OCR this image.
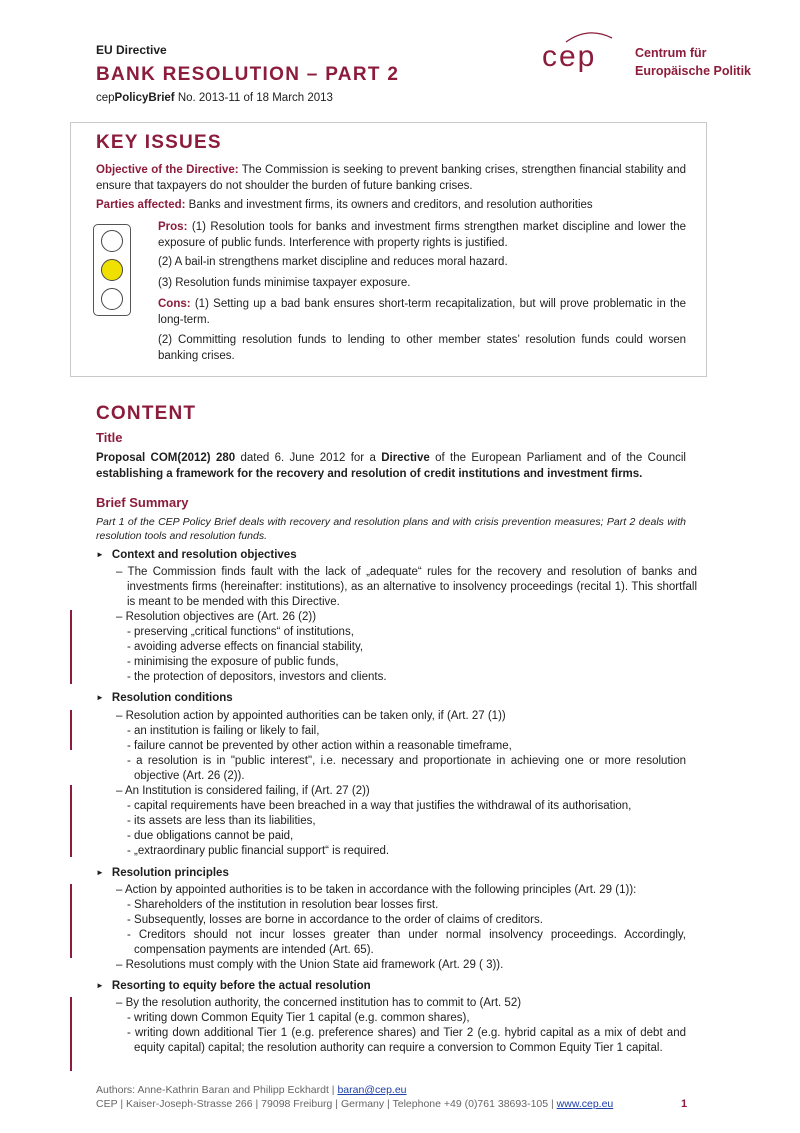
EU Directive
BANK RESOLUTION – PART 2
cepPolicyBrief No. 2013-11 of 18 March 2013
cep	Centrum für
Europäische Politik
KEY ISSUES
Objective of the Directive: The Commission is seeking to prevent banking crises, strengthen financial stability and ensure that taxpayers do not shoulder the burden of future banking crises.
Parties affected: Banks and investment firms, its owners and creditors, and resolution authorities
Pros: (1) Resolution tools for banks and investment firms strengthen market discipline and lower the exposure of public funds. Interference with property rights is justified.
(2) A bail-in strengthens market discipline and reduces moral hazard.
(3) Resolution funds minimise taxpayer exposure.
Cons: (1) Setting up a bad bank ensures short-term recapitalization, but will prove problematic in the long-term.
(2) Committing resolution funds to lending to other member states’ resolution funds could worsen banking crises.
CONTENT
Title
Proposal COM(2012) 280 dated 6. June 2012 for a Directive of the European Parliament and of the Council establishing a framework for the recovery and resolution of credit institutions and investment firms.
Brief Summary
Part 1 of the CEP Policy Brief deals with recovery and resolution plans and with crisis prevention measures; Part 2 deals with resolution tools and resolution funds.
► Context and resolution objectives
– The Commission finds fault with the lack of „adequate“ rules for the recovery and resolution of banks and investments firms (hereinafter: institutions), as an alternative to insolvency proceedings (recital 1). This shortfall is meant to be mended with this Directive.
– Resolution objectives are (Art. 26 (2))
- preserving „critical functions“ of institutions,
- avoiding adverse effects on financial stability,
- minimising the exposure of public funds,
- the protection of depositors, investors and clients.
► Resolution conditions
– Resolution action by appointed authorities can be taken only, if (Art. 27 (1))
- an institution is failing or likely to fail,
- failure cannot be prevented by other action within a reasonable timeframe,
- a resolution is in "public interest", i.e. necessary and proportionate in achieving one or more resolution objective (Art. 26 (2)).
– An Institution is considered failing, if (Art. 27 (2))
- capital requirements have been breached in a way that justifies the withdrawal of its authorisation,
- its assets are less than its liabilities,
- due obligations cannot be paid,
- „extraordinary public financial support“ is required.
► Resolution principles
– Action by appointed authorities is to be taken in accordance with the following principles (Art. 29 (1)):
- Shareholders of the institution in resolution bear losses first.
- Subsequently, losses are borne in accordance to the order of claims of creditors.
- Creditors should not incur losses greater than under normal insolvency proceedings. Accordingly, compensation payments are intended (Art. 65).
– Resolutions must comply with the Union State aid framework (Art. 29 ( 3)).
► Resorting to equity before the actual resolution
– By the resolution authority, the concerned institution has to commit to (Art. 52)
- writing down Common Equity Tier 1 capital (e.g. common shares),
- writing down additional Tier 1 (e.g. preference shares) and Tier 2 (e.g. hybrid capital as a mix of debt and equity capital) capital; the resolution authority can require a conversion to Common Equity Tier 1 capital.
Authors: Anne-Kathrin Baran and Philipp Eckhardt | baran@cep.eu
CEP | Kaiser-Joseph-Strasse 266 | 79098 Freiburg | Germany | Telephone +49 (0)761 38693-105 | www.cep.eu	1
